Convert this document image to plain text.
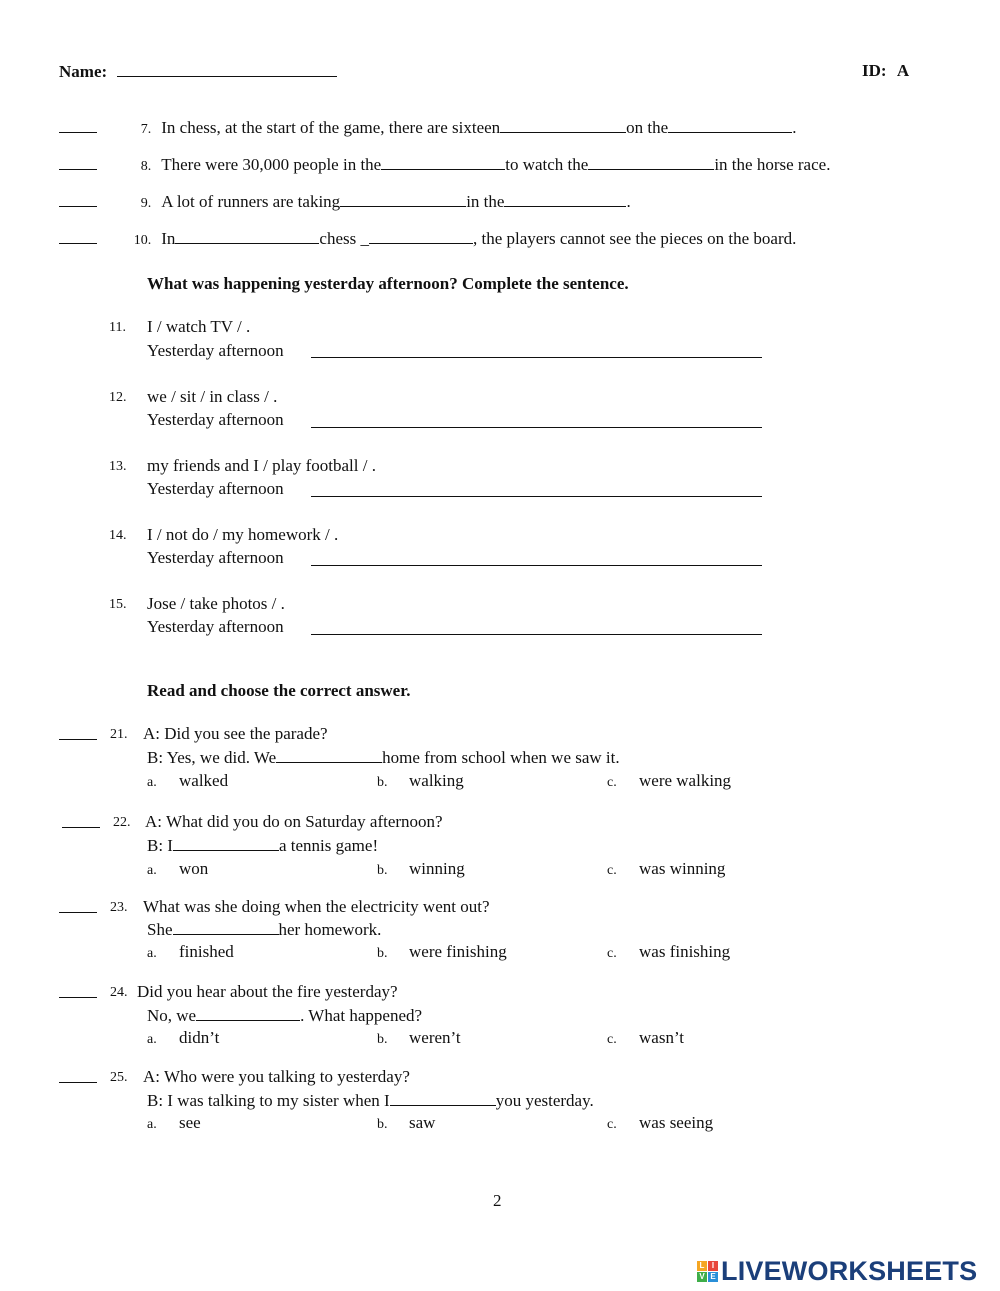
Name:	ID: A
7. In chess, at the start of the game, there are sixteen	on the	.
8. There were 30,000 people in the	to watch the	in the horse race.
9. A lot of runners are taking	in the	.
10. In	chess _	, the players cannot see the pieces on the board.
What was happening yesterday afternoon? Complete the sentence.
11. I / watch TV / .
Yesterday afternoon
12. we / sit / in class / .
Yesterday afternoon
13. my friends and I / play football / .
Yesterday afternoon
14. I / not do / my homework / .
Yesterday afternoon
15. Jose / take photos / .
Yesterday afternoon
Read and choose the correct answer.
21. A: Did you see the parade?
B: Yes, we did. We	home from school when we saw it.
a. walked	b. walking	c. were walking
22. A: What did you do on Saturday afternoon?
B: I	a tennis game!
a. won	b. winning	c. was winning
23. What was she doing when the electricity went out?
She	her homework.
a. finished	b. were finishing	c. was finishing
24. Did you hear about the fire yesterday?
No, we	. What happened?
a. didn’t	b. weren’t	c. wasn’t
25. A: Who were you talking to yesterday?
B: I was talking to my sister when I	you yesterday.
a. see	b. saw	c. was seeing
2
L I
V E LIVEWORKSHEETS
